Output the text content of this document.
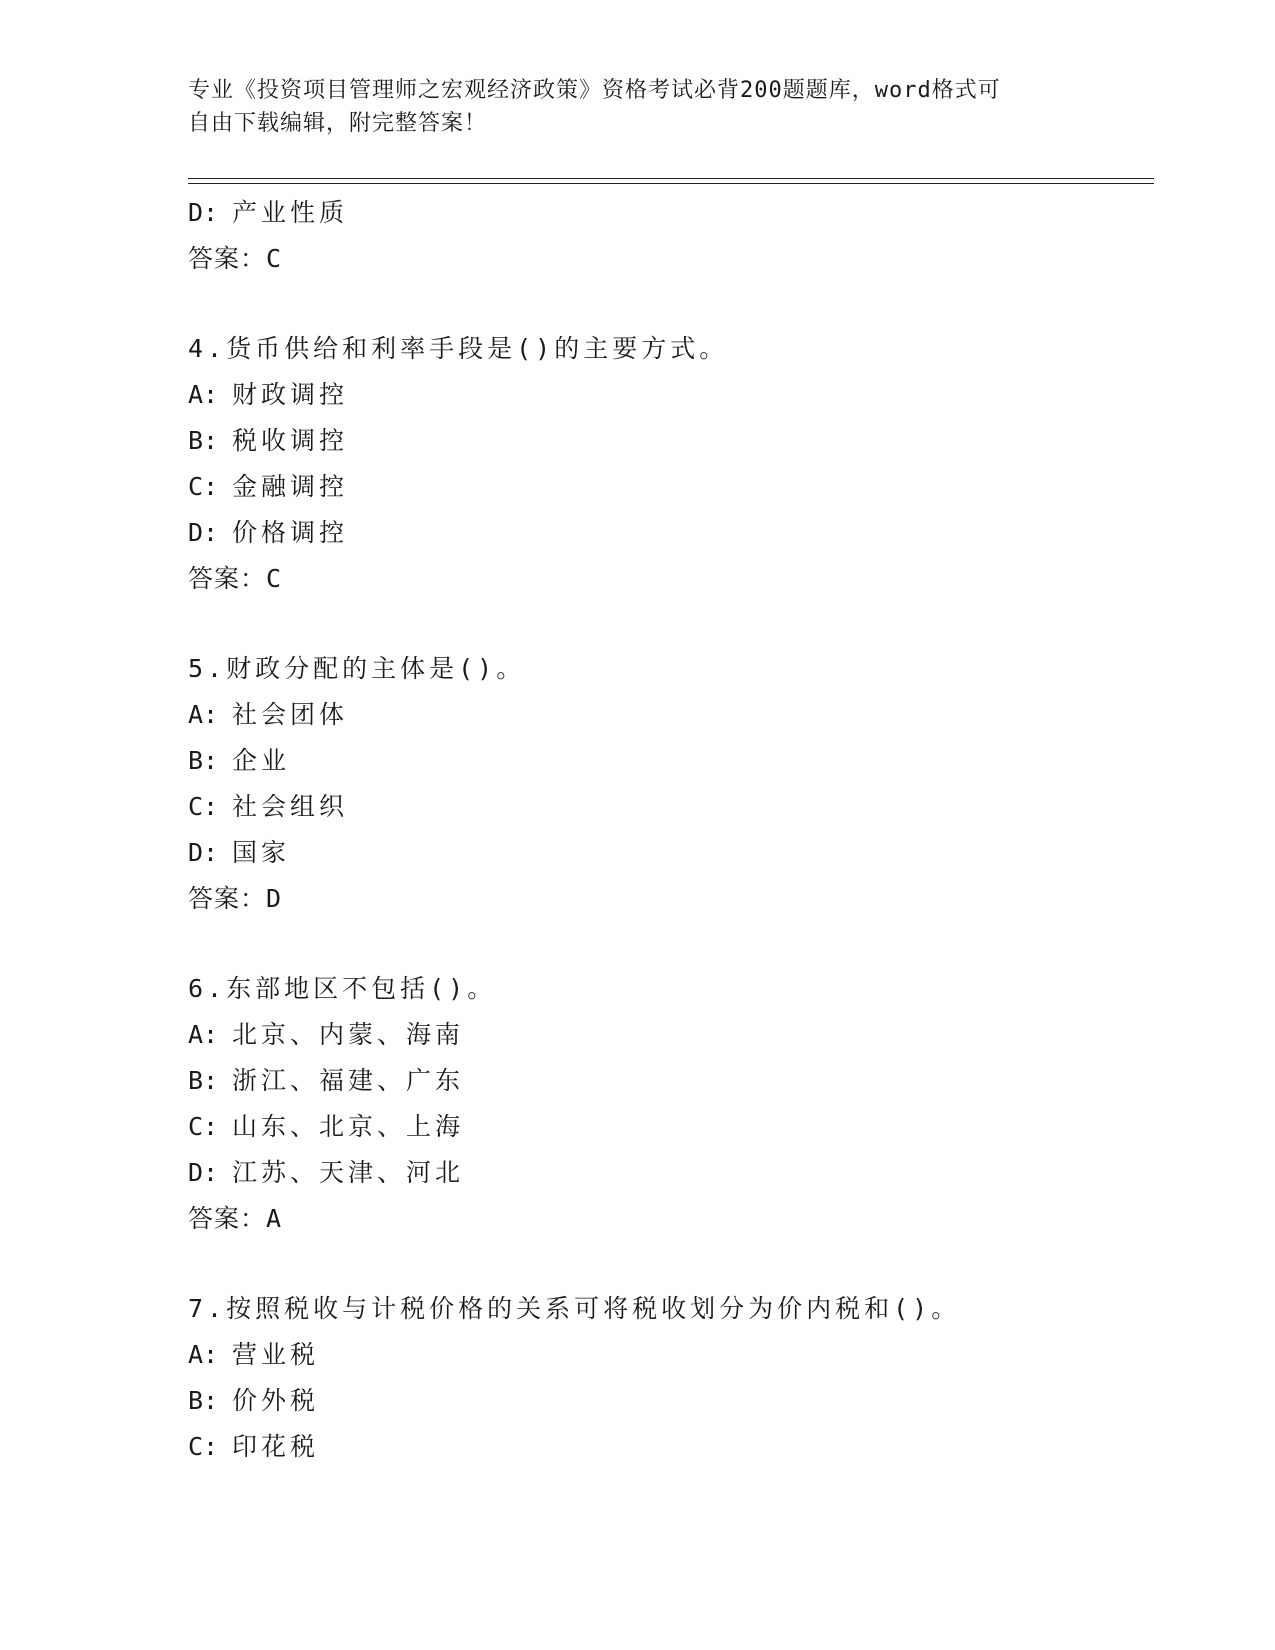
专业《投资项目管理师之宏观经济政策》资格考试必背200题题库，word格式可
自由下载编辑，附完整答案！
D: 产业性质
答案：C
4.货币供给和利率手段是()的主要方式。
A: 财政调控
B: 税收调控
C: 金融调控
D: 价格调控
答案：C
5.财政分配的主体是()。
A: 社会团体
B: 企业
C: 社会组织
D: 国家
答案：D
6.东部地区不包括()。
A: 北京、内蒙、海南
B: 浙江、福建、广东
C: 山东、北京、上海
D: 江苏、天津、河北
答案：A
7.按照税收与计税价格的关系可将税收划分为价内税和()。
A: 营业税
B: 价外税
C: 印花税
